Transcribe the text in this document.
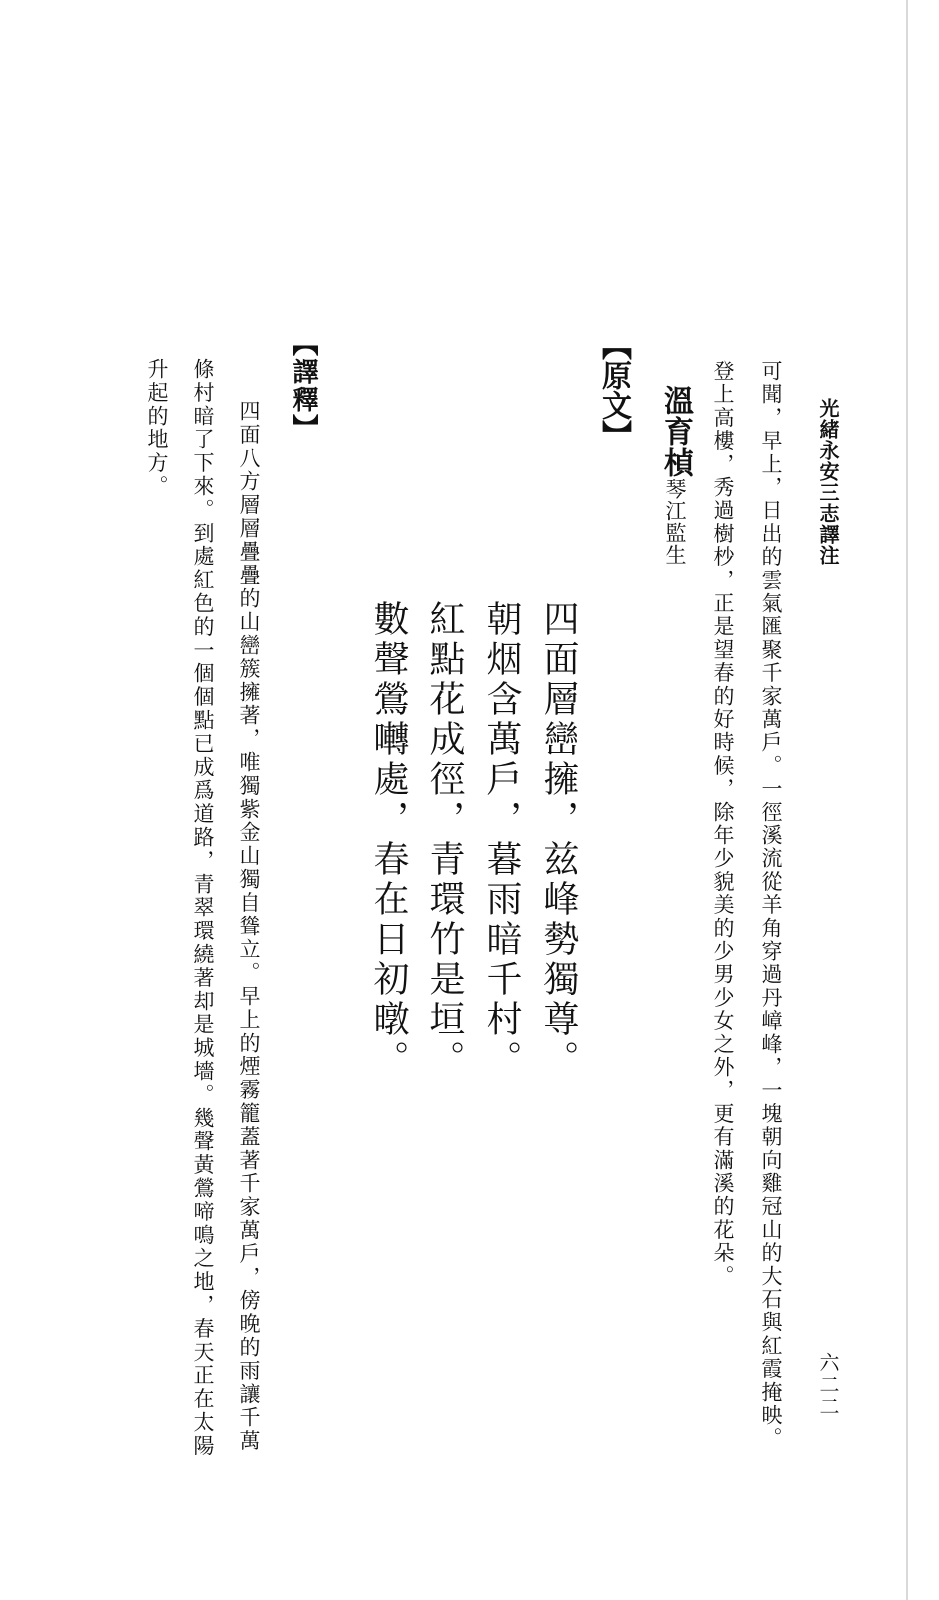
光緒永安三志譯注
六二二
可聞，早上，日出的雲氣匯聚千家萬戶。一徑溪流從羊角穿過丹嶂峰，一塊朝向雞冠山的大石與紅霞掩映。
登上高樓，秀過樹杪，正是望春的好時候，除年少貌美的少男少女之外，更有滿溪的花朵。
溫育楨琴江監生
【原文】
四面層巒擁，兹峰勢獨尊。
朝烟含萬戶，暮雨暗千村。
紅點花成徑，青環竹是垣。
數聲鶯囀處，春在日初暾。
【譯釋】
四面八方層層疊疊的山巒簇擁著，唯獨紫金山獨自聳立。早上的煙霧籠蓋著千家萬戶，傍晚的雨讓千萬
條村暗了下來。到處紅色的一個個點已成爲道路，青翠環繞著却是城墻。幾聲黃鶯啼鳴之地，春天正在太陽
升起的地方。
